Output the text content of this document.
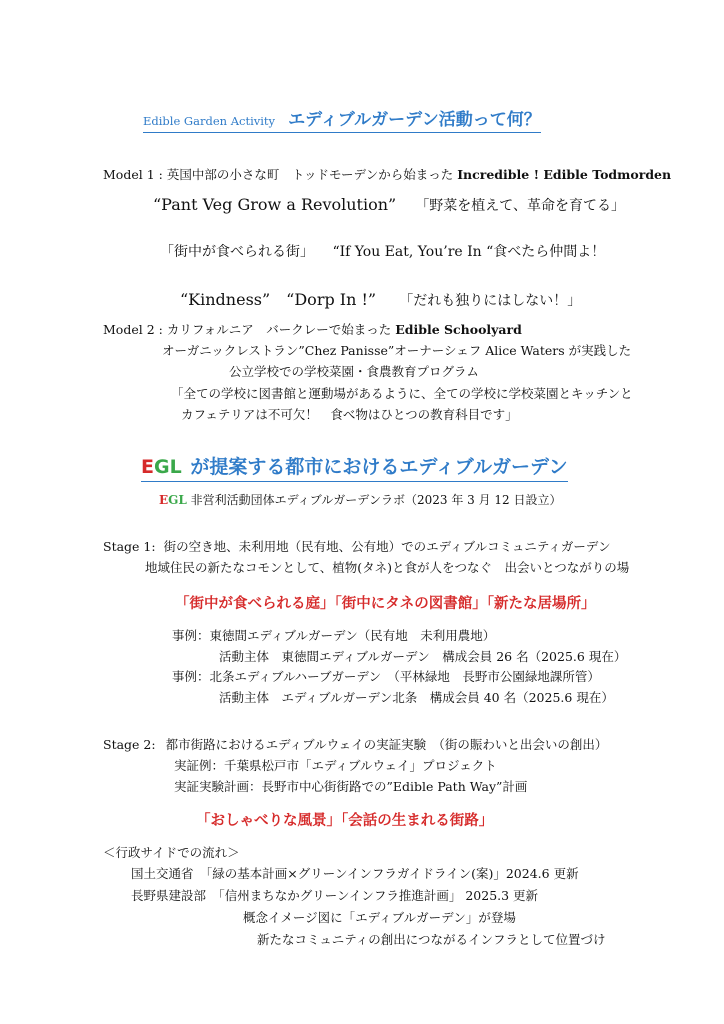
Edible Garden Activity エディブルガーデン活動って何？
Model 1 : 英国中部の小さな町　トッドモーデンから始まった Incredible ! Edible Todmorden
“Pant Veg Grow a Revolution” 「野菜を植えて、革命を育てる」
「街中が食べられる街」 “If You Eat, You’re In “食べたら仲間よ！
“Kindness”　“Dorp In !” 「だれも独りにはしない！」
Model 2 : カリフォルニア　バークレーで始まった Edible Schoolyard
オーガニックレストラン”Chez Panisse”オーナーシェフ Alice Waters が実践した
公立学校での学校菜園・食農教育プログラム
「全ての学校に図書館と運動場があるように、全ての学校に学校菜園とキッチンと
カフェテリアは不可欠！　食べ物はひとつの教育科目です」
EGL が提案する都市におけるエディブルガーデン
EGL 非営利活動団体エディブルガーデンラボ（2023 年 3 月 12 日設立）
Stage 1: 街の空き地、未利用地（民有地、公有地）でのエディブルコミュニティガーデン
地域住民の新たなコモンとして、植物(タネ)と食が人をつなぐ　出会いとつながりの場
「街中が食べられる庭」「街中にタネの図書館」「新たな居場所」
事例：東徳間エディブルガーデン（民有地　未利用農地）
活動主体　東徳間エディブルガーデン　構成会員 26 名（2025.6 現在）
事例：北条エディブルハーブガーデン　（平林緑地　長野市公園緑地課所管）
活動主体　エディブルガーデン北条　構成会員 40 名（2025.6 現在）
Stage 2: 都市街路におけるエディブルウェイの実証実験　（街の賑わいと出会いの創出）
実証例：千葉県松戸市「エディブルウェイ」プロジェクト
実証実験計画：長野市中心街街路での”Edible Path Way”計画
「おしゃべりな風景」「会話の生まれる街路」
＜行政サイドでの流れ＞
国土交通省　「緑の基本計画×グリーンインフラガイドライン(案)」2024.6 更新
長野県建設部　「信州まちなかグリーンインフラ推進計画」 2025.3 更新
概念イメージ図に「エディブルガーデン」が登場
新たなコミュニティの創出につながるインフラとして位置づけ
